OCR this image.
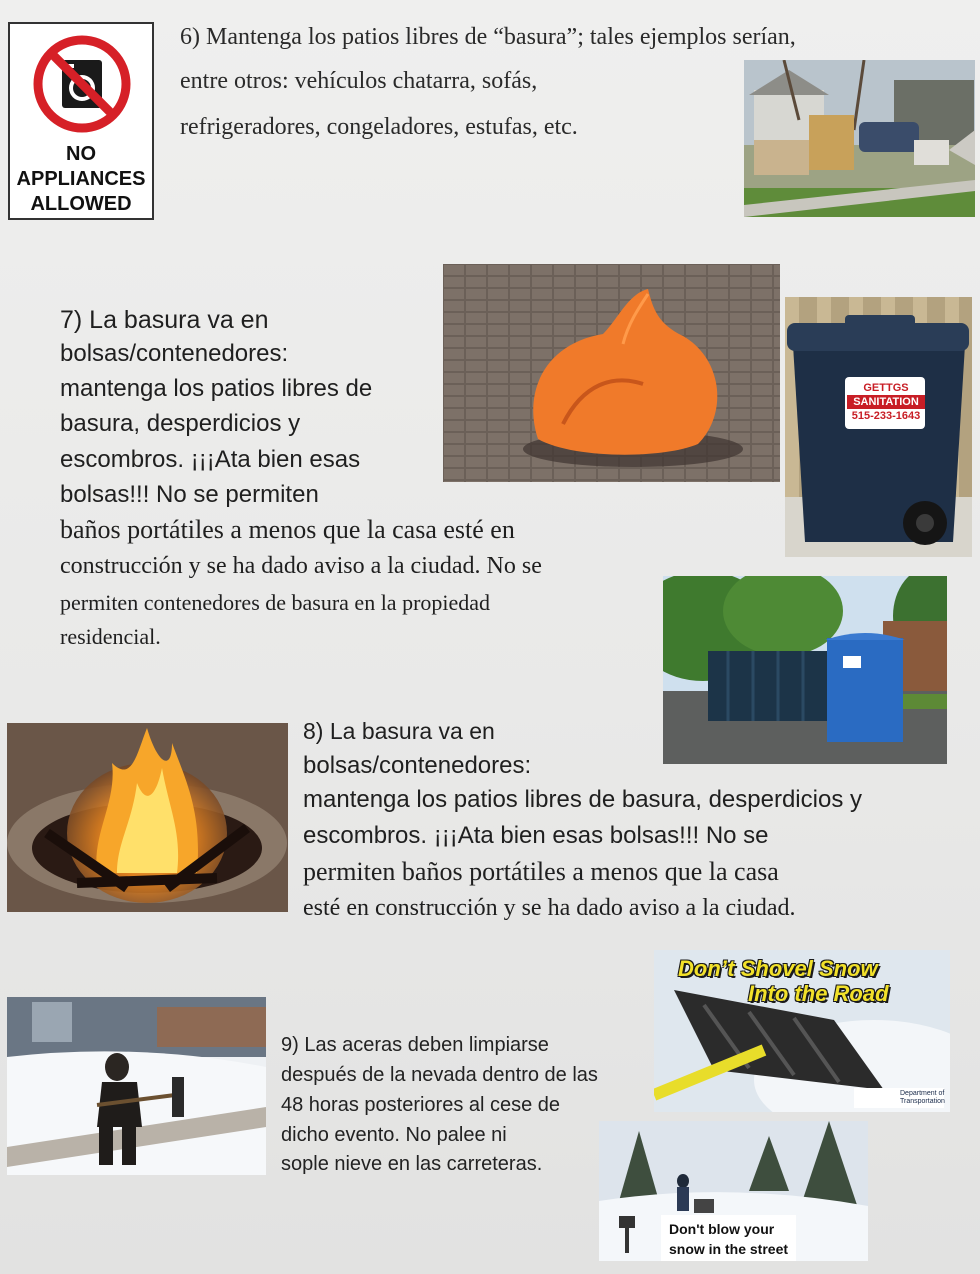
NO
APPLIANCES
ALLOWED
6) Mantenga los patios libres de “basura”; tales ejemplos serían,
entre otros: vehículos chatarra, sofás,
refrigeradores, congeladores, estufas, etc.
7) La basura va en
bolsas/contenedores:
mantenga los patios libres de
basura, desperdicios y
escombros. ¡¡¡Ata bien esas
bolsas!!! No se permiten
baños portátiles a menos que la casa esté en
construcción y se ha dado aviso a la ciudad. No se
permiten contenedores de basura en la propiedad
residencial.
GETTGS
SANITATION
515-233-1643
8) La basura va en
bolsas/contenedores:
mantenga los patios libres de basura, desperdicios y
escombros. ¡¡¡Ata bien esas bolsas!!! No se
permiten baños portátiles a menos que la casa
esté en construcción y se ha dado aviso a la ciudad.
Don’t Shovel Snow
Into the Road
Department of
Transportation
9) Las aceras deben limpiarse
después de la nevada dentro de las
48 horas posteriores al cese de
dicho evento. No palee ni
sople nieve en las carreteras.
Don't blow your
snow in the street
